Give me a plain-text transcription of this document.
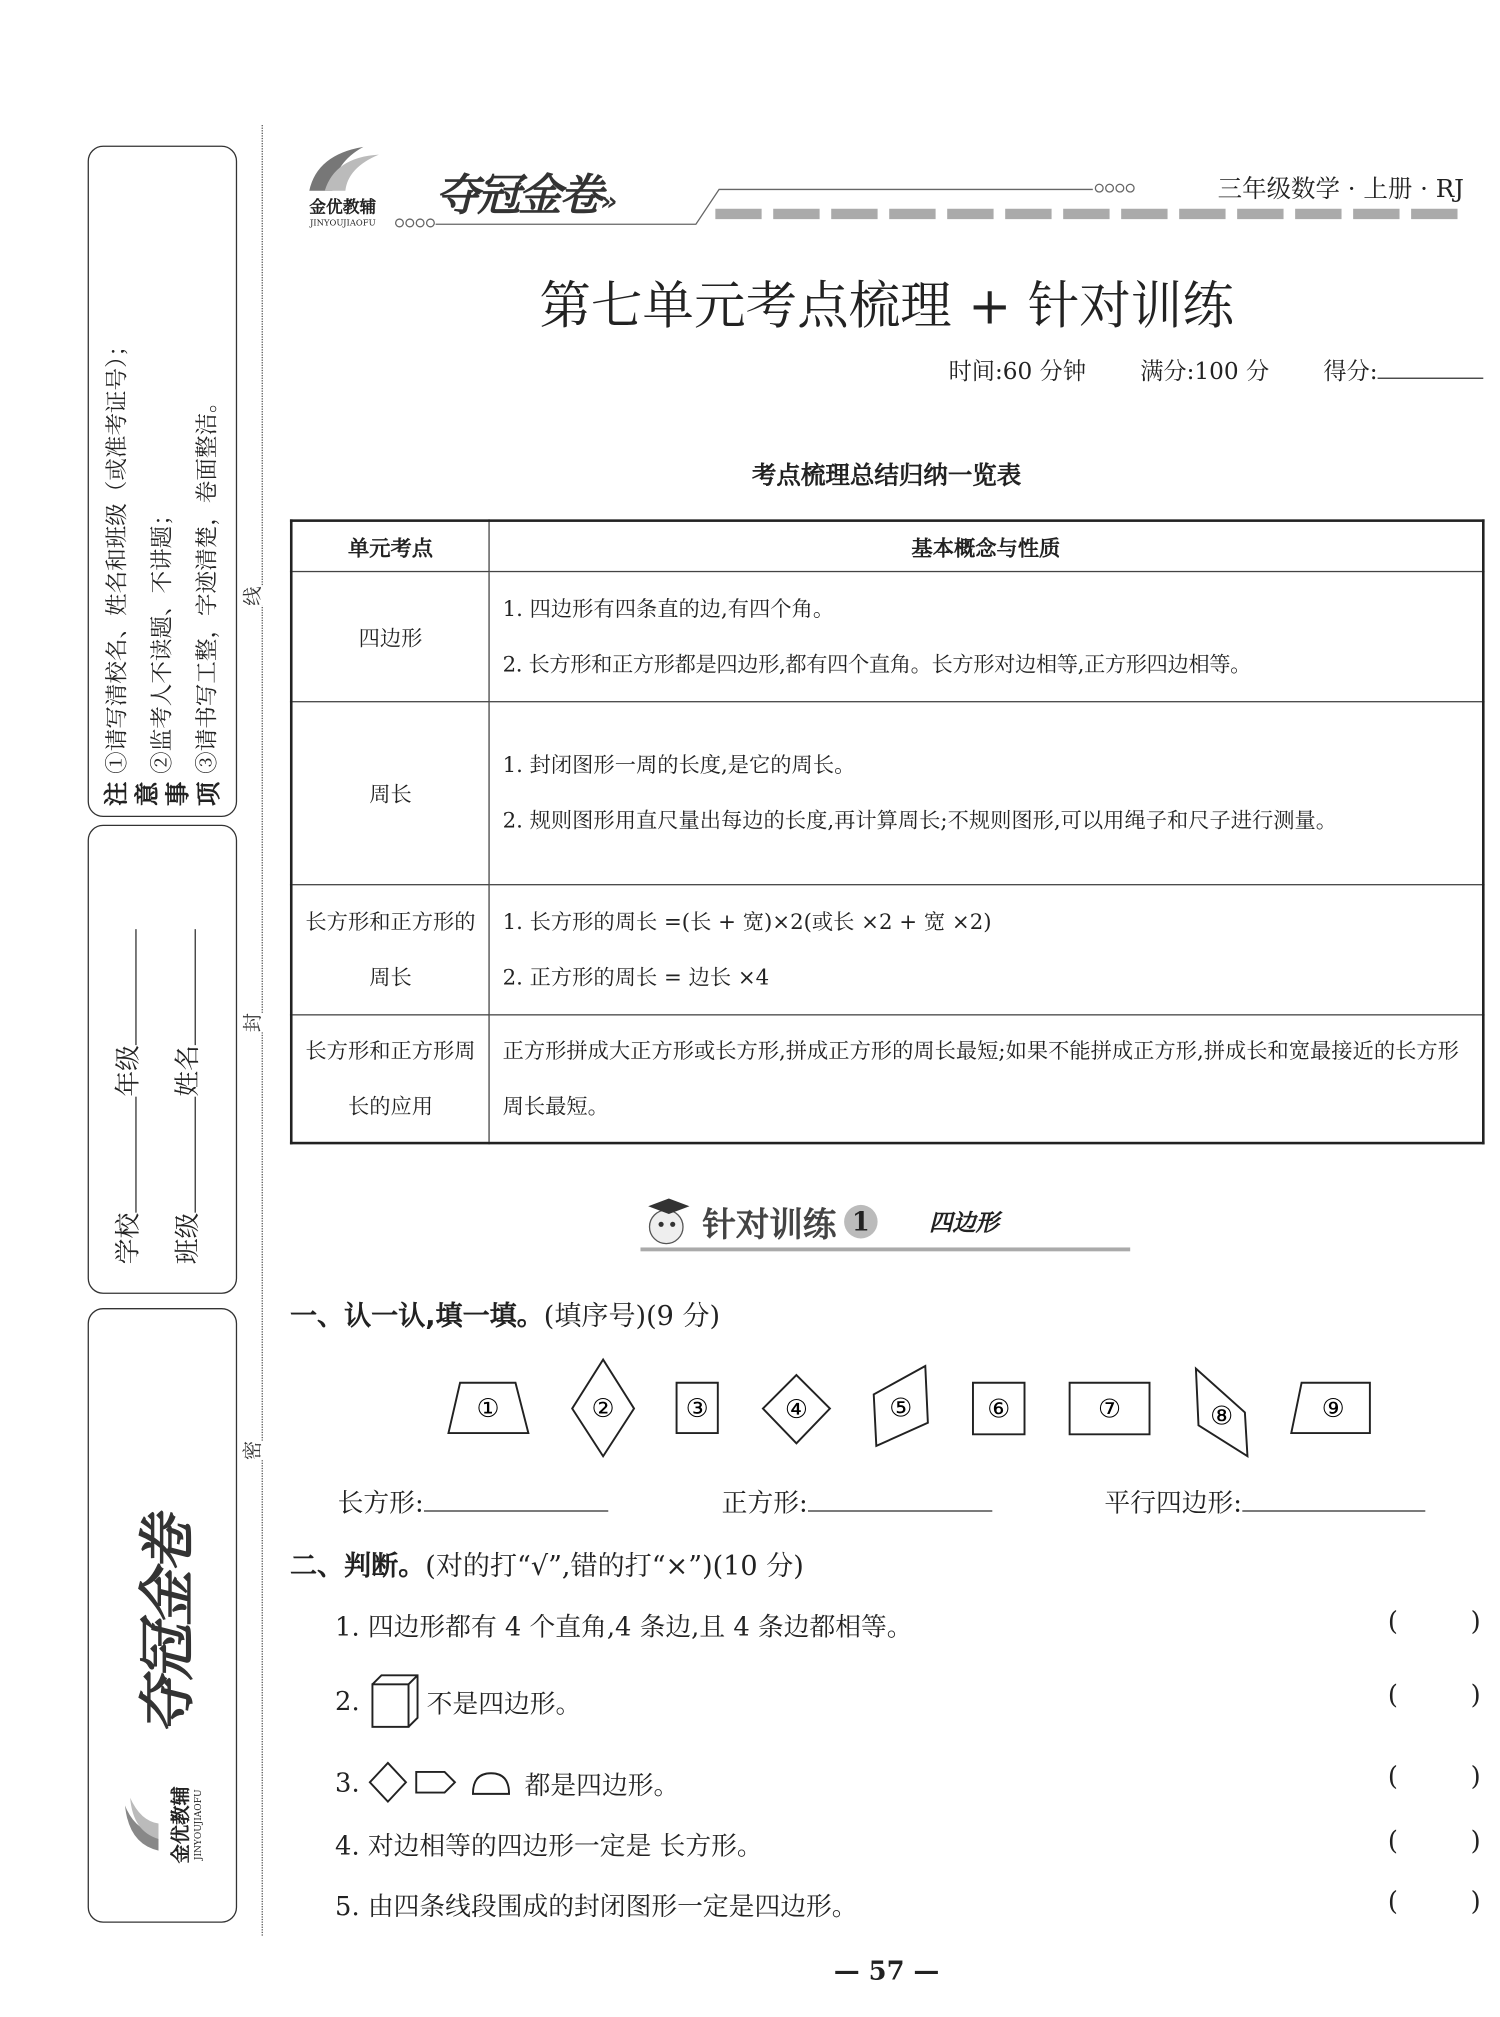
线
封
密
注 意 事 项
①请写清校名、姓名和班级（或准考证号）；	②监考人不读题、不讲题；	③请书写工整，字迹清楚，卷面整洁。
学校年级
班级姓名
金优教辅 JINYOUJIAOFU
夺冠金卷
金优教辅
JINYOUJIAOFU
夺冠金卷»	三年级数学 · 上册 · RJ
第七单元考点梳理 + 针对训练
时间:60 分钟	满分:100 分	得分:
考点梳理总结归纳一览表
单元考点	基本概念与性质
四边形	1. 四边形有四条直的边,有四个角。
2. 长方形和正方形都是四边形,都有四个直角。长方形对边相等,正方形四边相等。

周长	1. 封闭图形一周的长度,是它的周长。
2. 规则图形用直尺量出每边的长度,再计算周长;不规则图形,可以用绳子和尺子进行测量。

长方形和正方形的周长	1. 长方形的周长 =(长 + 宽)×2(或长 ×2 + 宽 ×2)
2. 正方形的周长 = 边长 ×4

长方形和正方形周长的应用	正方形拼成大正方形或长方形,拼成正方形的周长最短;如果不能拼成正方形,拼成长和宽最接近的长方形周长最短。
针对训练 1	四边形
一、认一认,填一填。(填序号)(9 分)
①	②	③	④	⑤	⑥	⑦	⑧	⑨
长方形:	正方形:	平行四边形:
二、判断。(对的打“√”,错的打“×”)(10 分)
1. 四边形都有 4 个直角,4 条边,且 4 条边都相等。
2.	不是四边形。
3.	都是四边形。
4. 对边相等的四边形一定是 长方形。
5. 由四条线段围成的封闭图形一定是四边形。
(	)
(	)
(	)
(	)
(	)
— 57 —
